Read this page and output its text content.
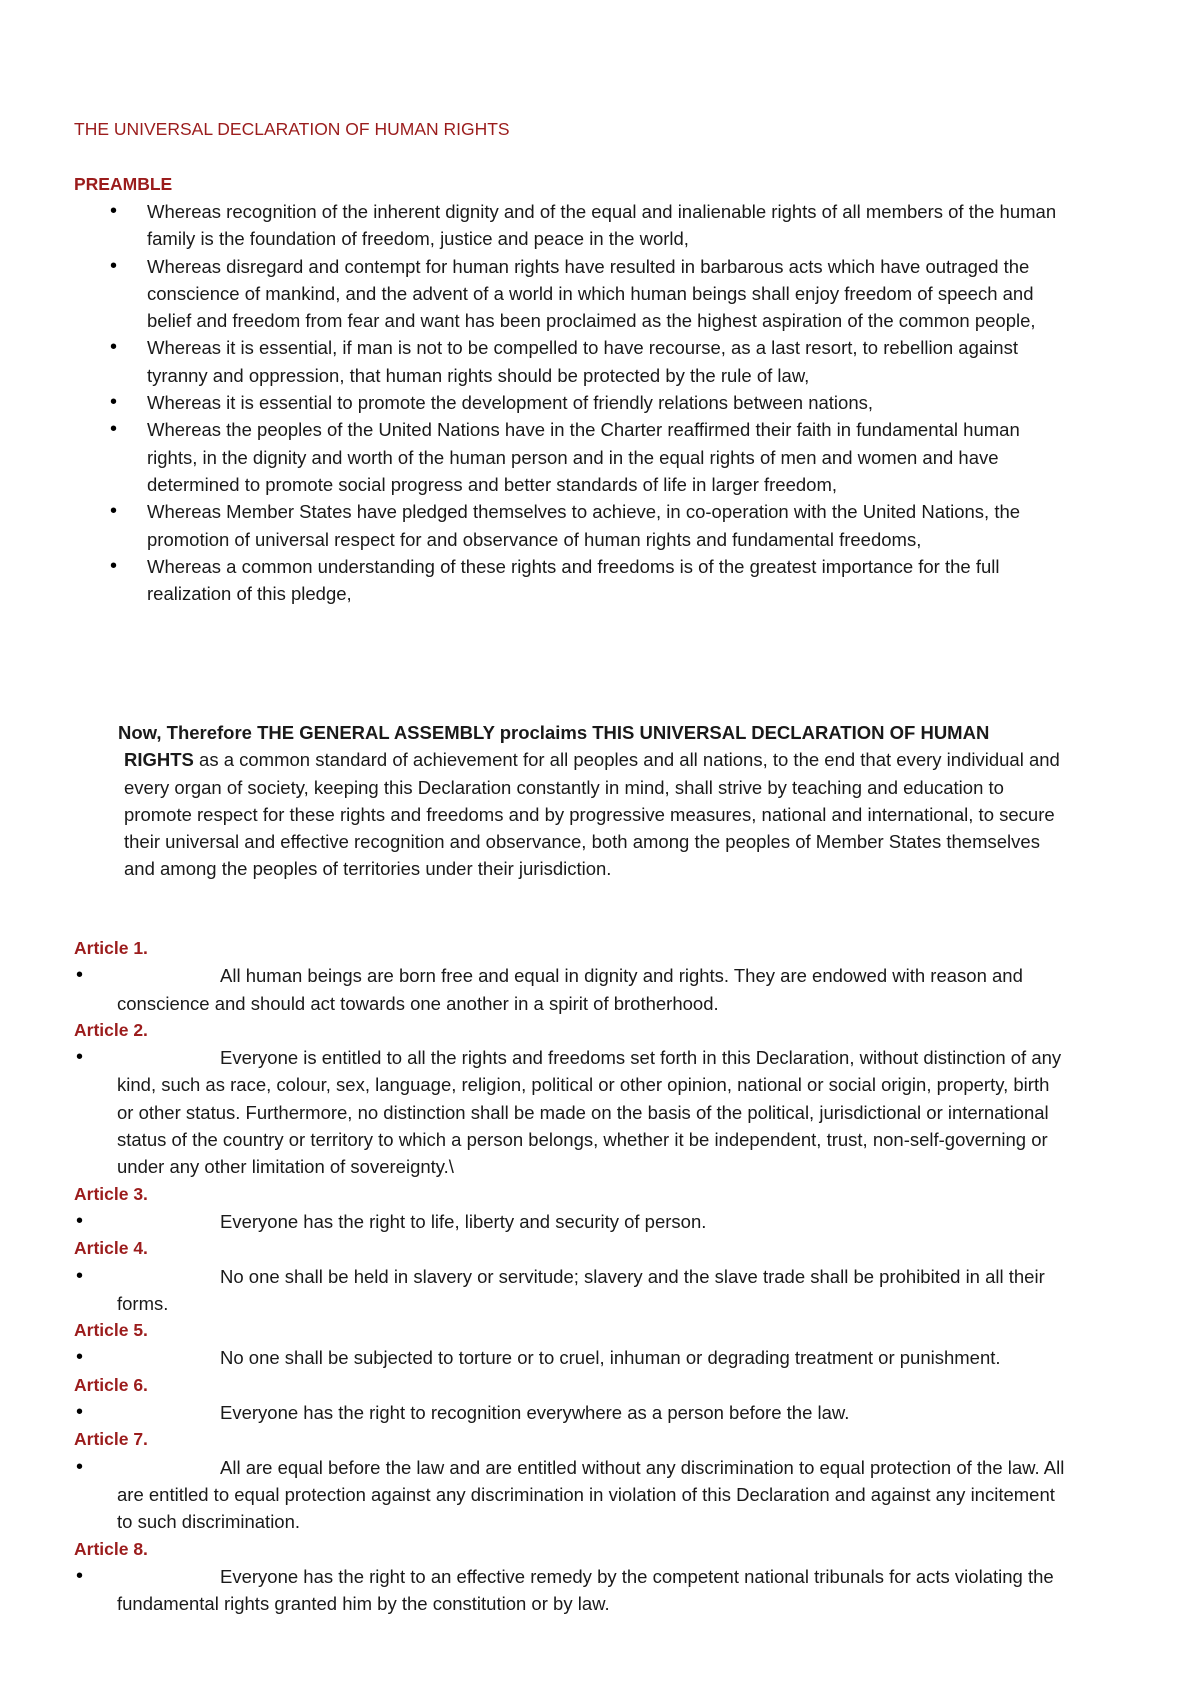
THE UNIVERSAL DECLARATION OF HUMAN RIGHTS
PREAMBLE
• Whereas recognition of the inherent dignity and of the equal and inalienable rights of all members of the human family is the foundation of freedom, justice and peace in the world,
• Whereas disregard and contempt for human rights have resulted in barbarous acts which have outraged the conscience of mankind, and the advent of a world in which human beings shall enjoy freedom of speech and belief and freedom from fear and want has been proclaimed as the highest aspiration of the common people,
• Whereas it is essential, if man is not to be compelled to have recourse, as a last resort, to rebellion against tyranny and oppression, that human rights should be protected by the rule of law,
• Whereas it is essential to promote the development of friendly relations between nations,
• Whereas the peoples of the United Nations have in the Charter reaffirmed their faith in fundamental human rights, in the dignity and worth of the human person and in the equal rights of men and women and have determined to promote social progress and better standards of life in larger freedom,
• Whereas Member States have pledged themselves to achieve, in co-operation with the United Nations, the promotion of universal respect for and observance of human rights and fundamental freedoms,
• Whereas a common understanding of these rights and freedoms is of the greatest importance for the full realization of this pledge,
Now, Therefore THE GENERAL ASSEMBLY proclaims THIS UNIVERSAL DECLARATION OF HUMAN RIGHTS as a common standard of achievement for all peoples and all nations, to the end that every individual and every organ of society, keeping this Declaration constantly in mind, shall strive by teaching and education to promote respect for these rights and freedoms and by progressive measures, national and international, to secure their universal and effective recognition and observance, both among the peoples of Member States themselves and among the peoples of territories under their jurisdiction.
Article 1.
•	All human beings are born free and equal in dignity and rights. They are endowed with reason and conscience and should act towards one another in a spirit of brotherhood.
Article 2.
•	Everyone is entitled to all the rights and freedoms set forth in this Declaration, without distinction of any kind, such as race, colour, sex, language, religion, political or other opinion, national or social origin, property, birth or other status. Furthermore, no distinction shall be made on the basis of the political, jurisdictional or international status of the country or territory to which a person belongs, whether it be independent, trust, non-self-governing or under any other limitation of sovereignty.\
Article 3.
•	Everyone has the right to life, liberty and security of person.
Article 4.
•	No one shall be held in slavery or servitude; slavery and the slave trade shall be prohibited in all their forms.
Article 5.
•	No one shall be subjected to torture or to cruel, inhuman or degrading treatment or punishment.
Article 6.
•	Everyone has the right to recognition everywhere as a person before the law.
Article 7.
•	All are equal before the law and are entitled without any discrimination to equal protection of the law. All are entitled to equal protection against any discrimination in violation of this Declaration and against any incitement to such discrimination.
Article 8.
•	Everyone has the right to an effective remedy by the competent national tribunals for acts violating the fundamental rights granted him by the constitution or by law.
